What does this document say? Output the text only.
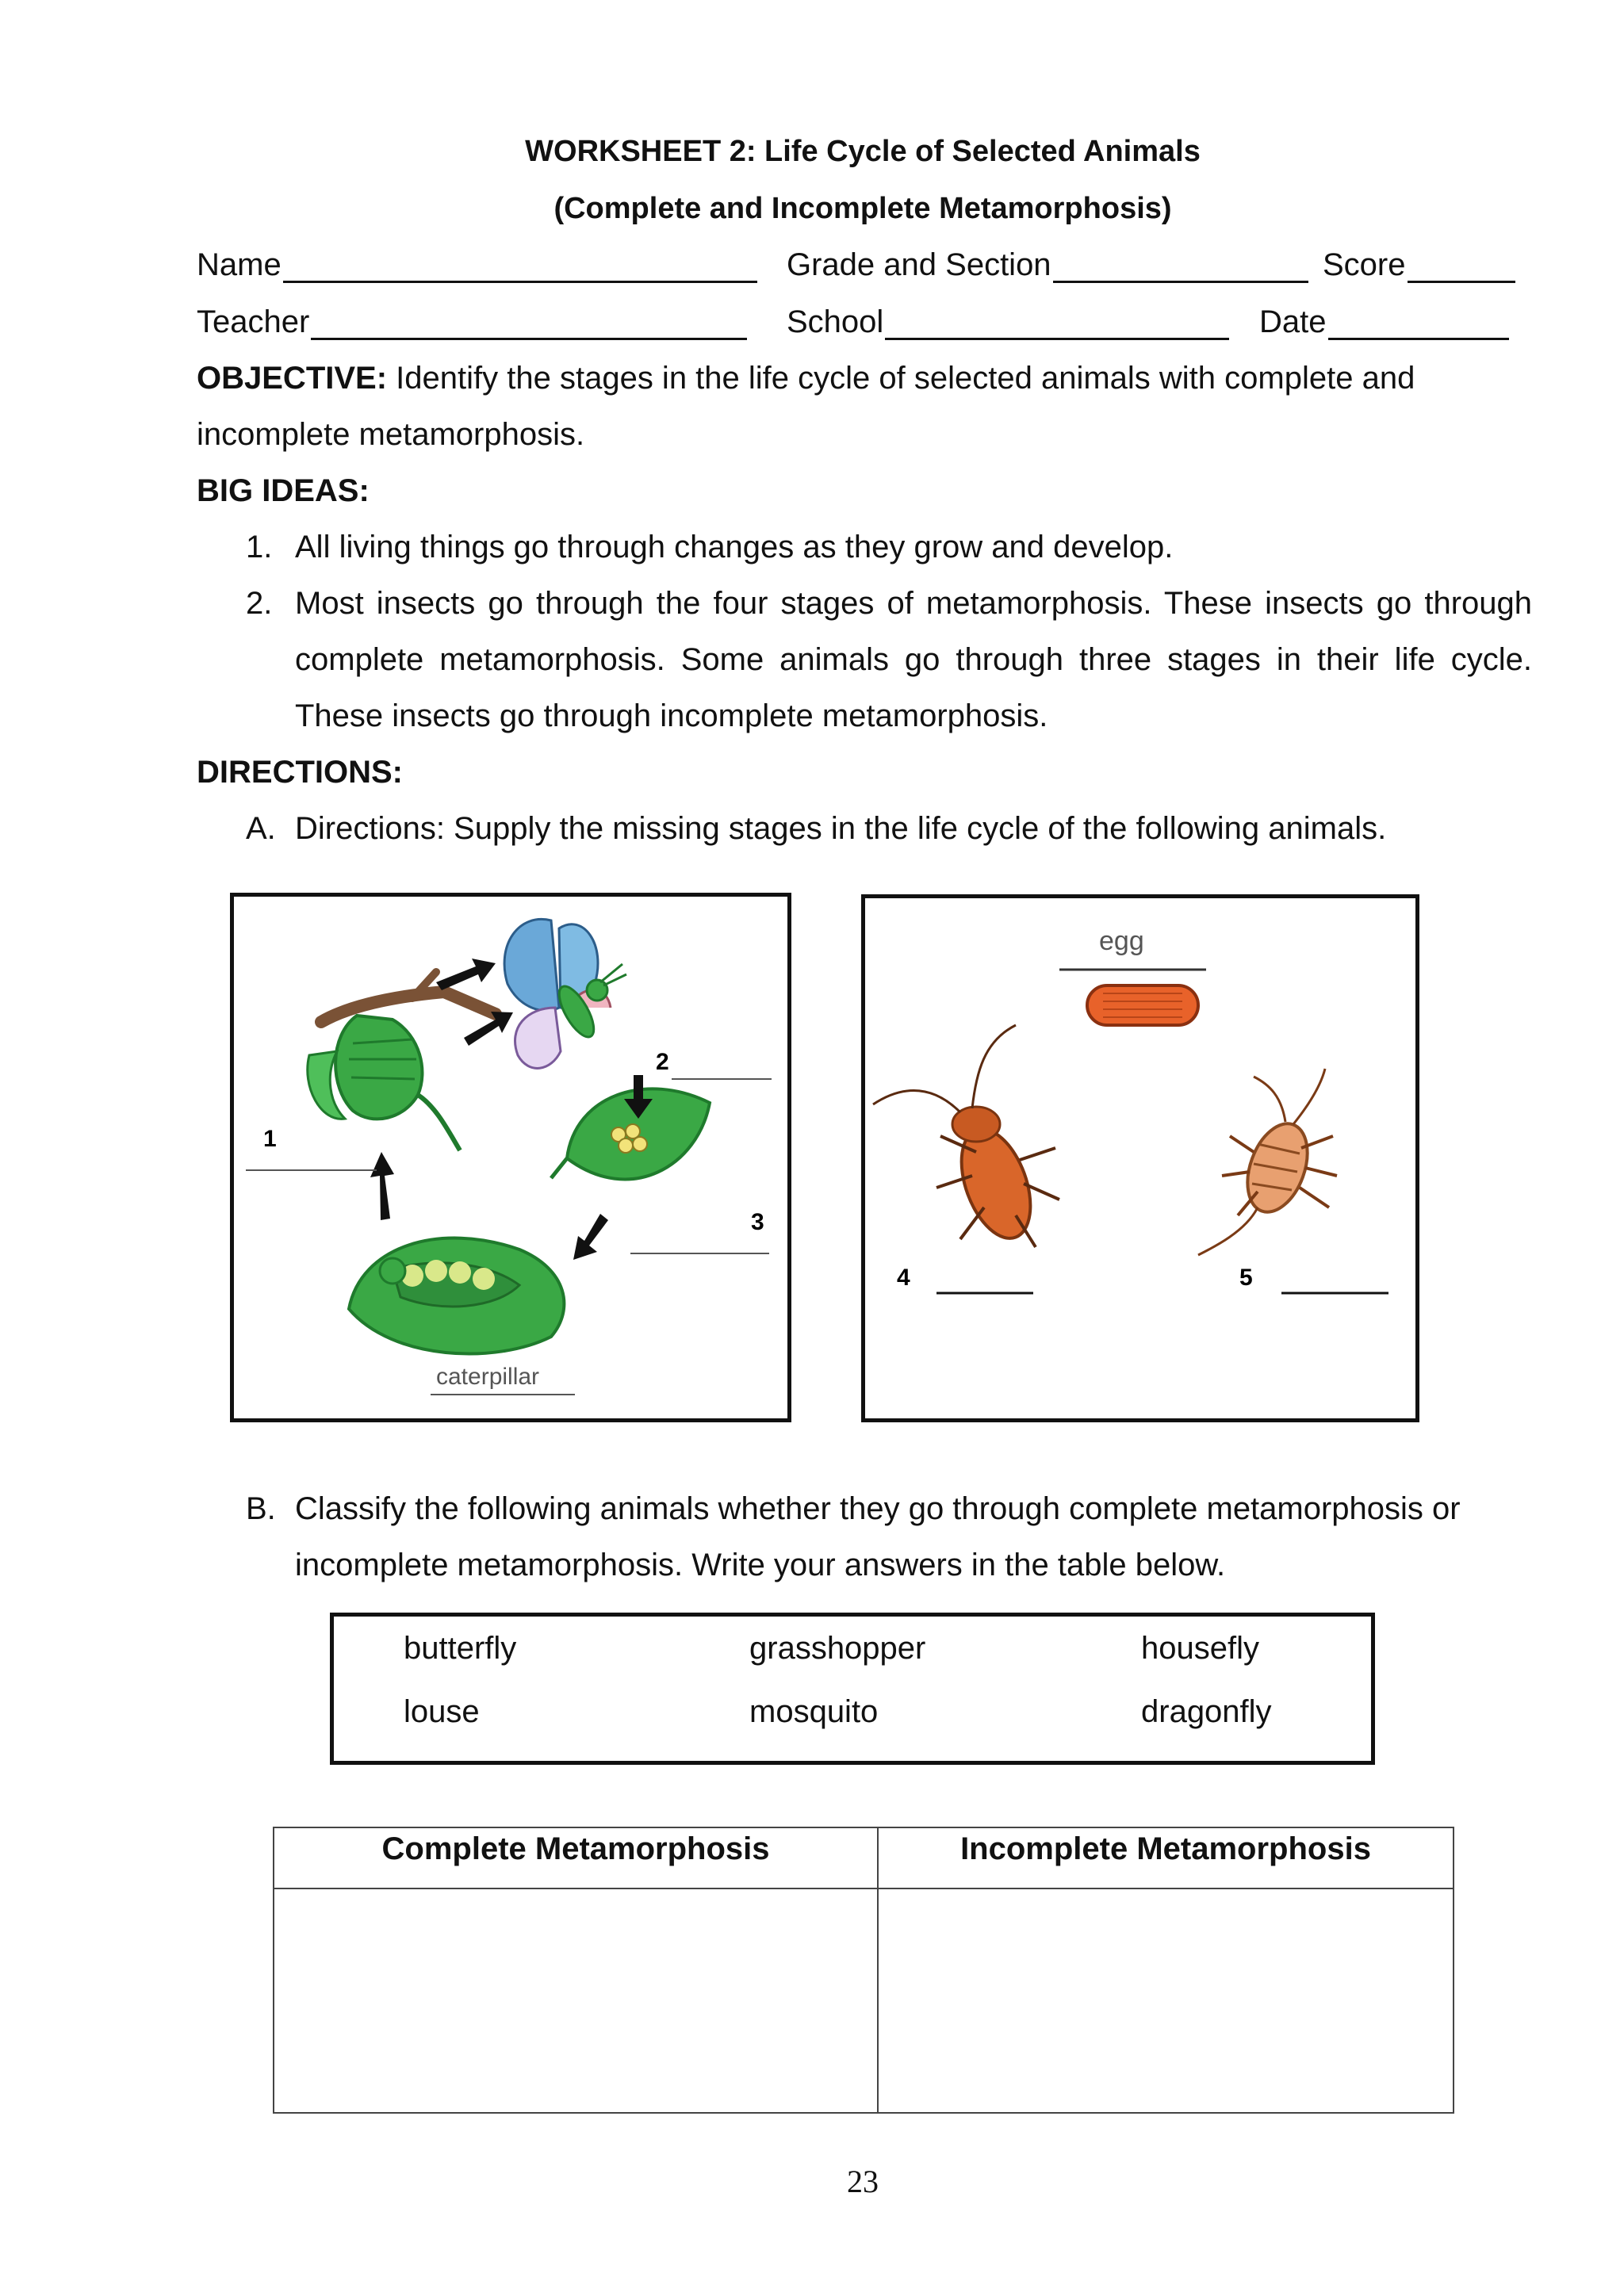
WORKSHEET 2: Life Cycle of Selected Animals
(Complete and Incomplete Metamorphosis)
Name	Grade and Section	Score
Teacher	School	Date
OBJECTIVE: Identify the stages in the life cycle of selected animals with complete and incomplete metamorphosis.
BIG IDEAS:
1. All living things go through changes as they grow and develop.
2. Most insects go through the four stages of metamorphosis. These insects go through complete metamorphosis. Some animals go through three stages in their life cycle. These insects go through incomplete metamorphosis.
DIRECTIONS:
A. Directions: Supply the missing stages in the life cycle of the following animals.
1
2
3
caterpillar
egg
4	5
B. Classify the following animals whether they go through complete metamorphosis or incomplete metamorphosis. Write your answers in the table below.
butterfly	grasshopper	housefly
louse	mosquito	dragonfly
Complete Metamorphosis	Incomplete Metamorphosis

23
